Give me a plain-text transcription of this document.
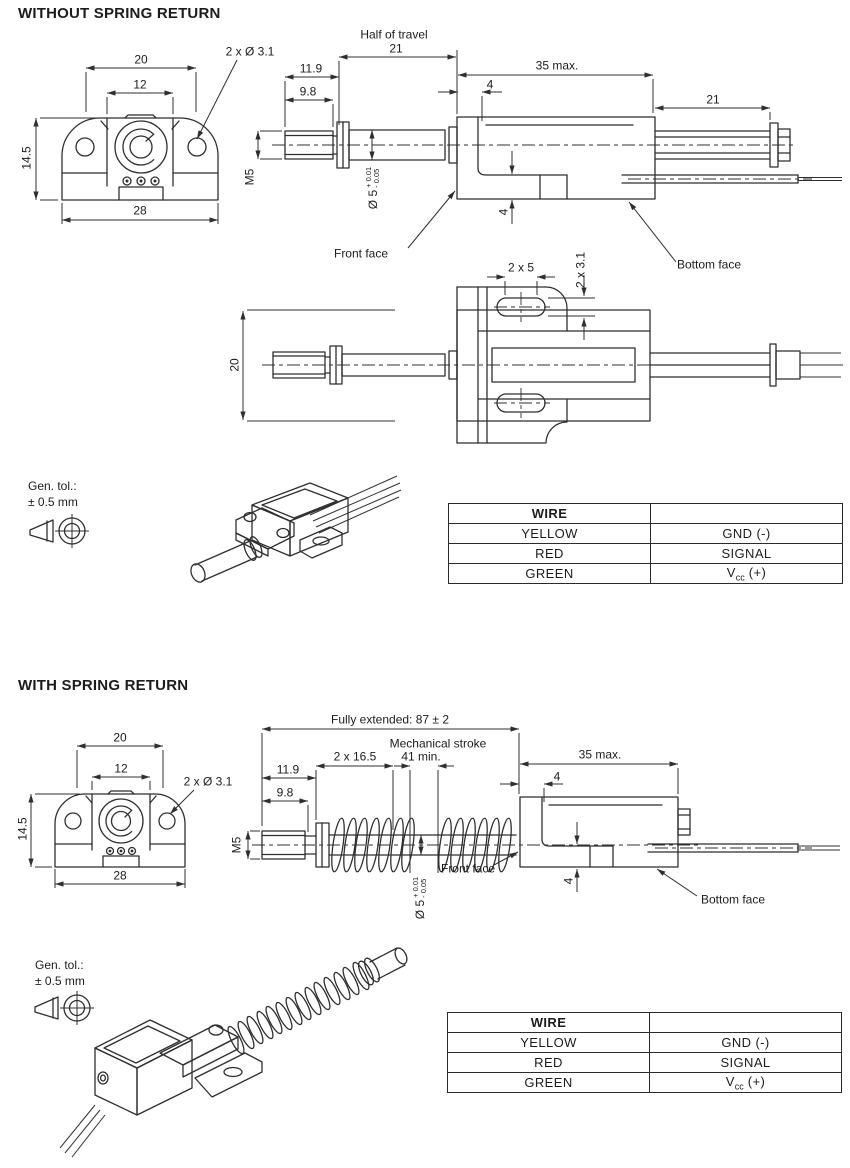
WITHOUT SPRING RETURN
20
12
14.5
28
2 x Ø 3.1
Half of travel
21
11.9
9.8
M5
Ø 5
+ 0.01 - 0.05
35 max.
4
4
21
Front face
Bottom face
2 x 5	2 x 3.1
20
Gen. tol.:
± 0.5 mm
WIRE	
YELLOW	GND (-)
RED	SIGNAL
GREEN	$V_{cc}$ (+)
WITH SPRING RETURN
20
12
14.5
28
2 x Ø 3.1
Fully extended: 87 ± 2
Mechanical stroke
41 min.
2 x 16.5
11.9
9.8
M5
Ø 5
+ 0.01 - 0.05
35 max.
4
4
Front face
Bottom face
Gen. tol.:
± 0.5 mm
WIRE	
YELLOW	GND (-)
RED	SIGNAL
GREEN	$V_{cc}$ (+)
